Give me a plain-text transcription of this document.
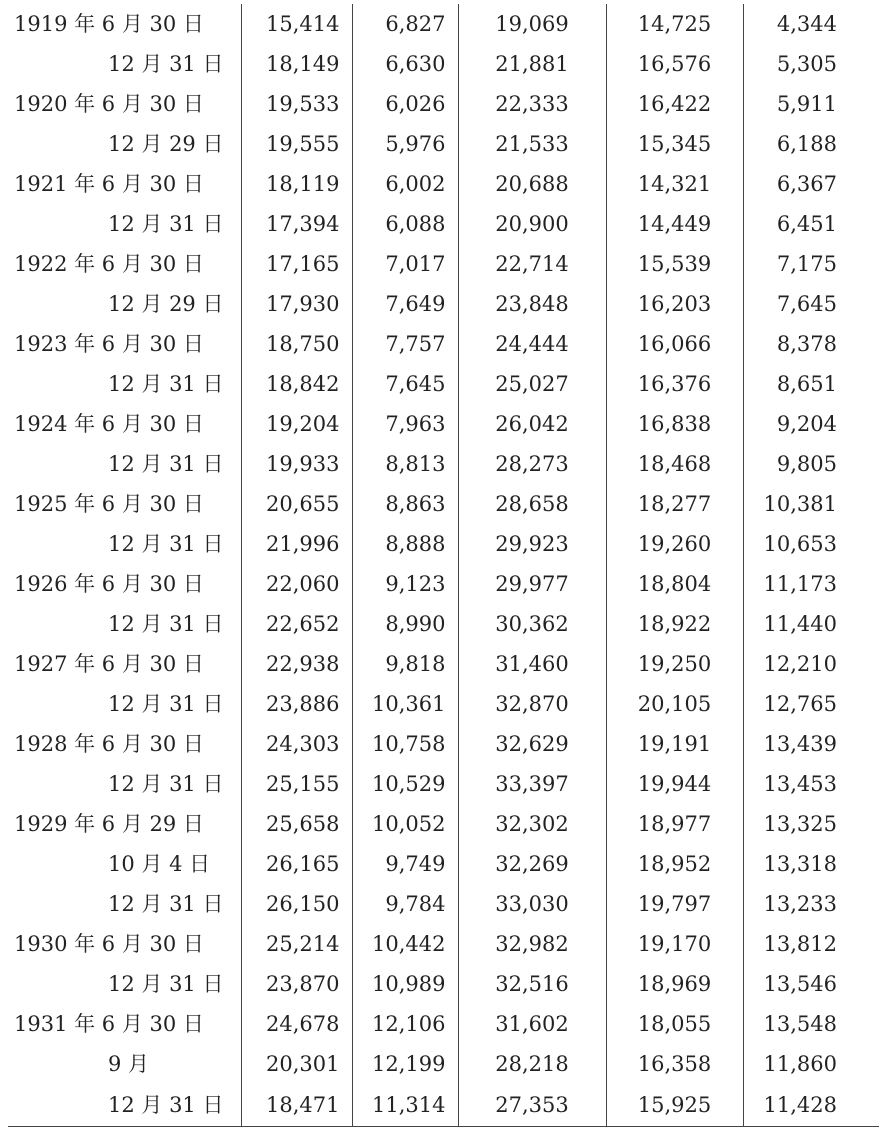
1919 年 6 月 30 日	15,414	6,827	19,069	14,725	4,344
12 月 31 日	18,149	6,630	21,881	16,576	5,305
1920 年 6 月 30 日	19,533	6,026	22,333	16,422	5,911
12 月 29 日	19,555	5,976	21,533	15,345	6,188
1921 年 6 月 30 日	18,119	6,002	20,688	14,321	6,367
12 月 31 日	17,394	6,088	20,900	14,449	6,451
1922 年 6 月 30 日	17,165	7,017	22,714	15,539	7,175
12 月 29 日	17,930	7,649	23,848	16,203	7,645
1923 年 6 月 30 日	18,750	7,757	24,444	16,066	8,378
12 月 31 日	18,842	7,645	25,027	16,376	8,651
1924 年 6 月 30 日	19,204	7,963	26,042	16,838	9,204
12 月 31 日	19,933	8,813	28,273	18,468	9,805
1925 年 6 月 30 日	20,655	8,863	28,658	18,277	10,381
12 月 31 日	21,996	8,888	29,923	19,260	10,653
1926 年 6 月 30 日	22,060	9,123	29,977	18,804	11,173
12 月 31 日	22,652	8,990	30,362	18,922	11,440
1927 年 6 月 30 日	22,938	9,818	31,460	19,250	12,210
12 月 31 日	23,886	10,361	32,870	20,105	12,765
1928 年 6 月 30 日	24,303	10,758	32,629	19,191	13,439
12 月 31 日	25,155	10,529	33,397	19,944	13,453
1929 年 6 月 29 日	25,658	10,052	32,302	18,977	13,325
10 月 4 日	26,165	9,749	32,269	18,952	13,318
12 月 31 日	26,150	9,784	33,030	19,797	13,233
1930 年 6 月 30 日	25,214	10,442	32,982	19,170	13,812
12 月 31 日	23,870	10,989	32,516	18,969	13,546
1931 年 6 月 30 日	24,678	12,106	31,602	18,055	13,548
9 月	20,301	12,199	28,218	16,358	11,860
12 月 31 日	18,471	11,314	27,353	15,925	11,428
